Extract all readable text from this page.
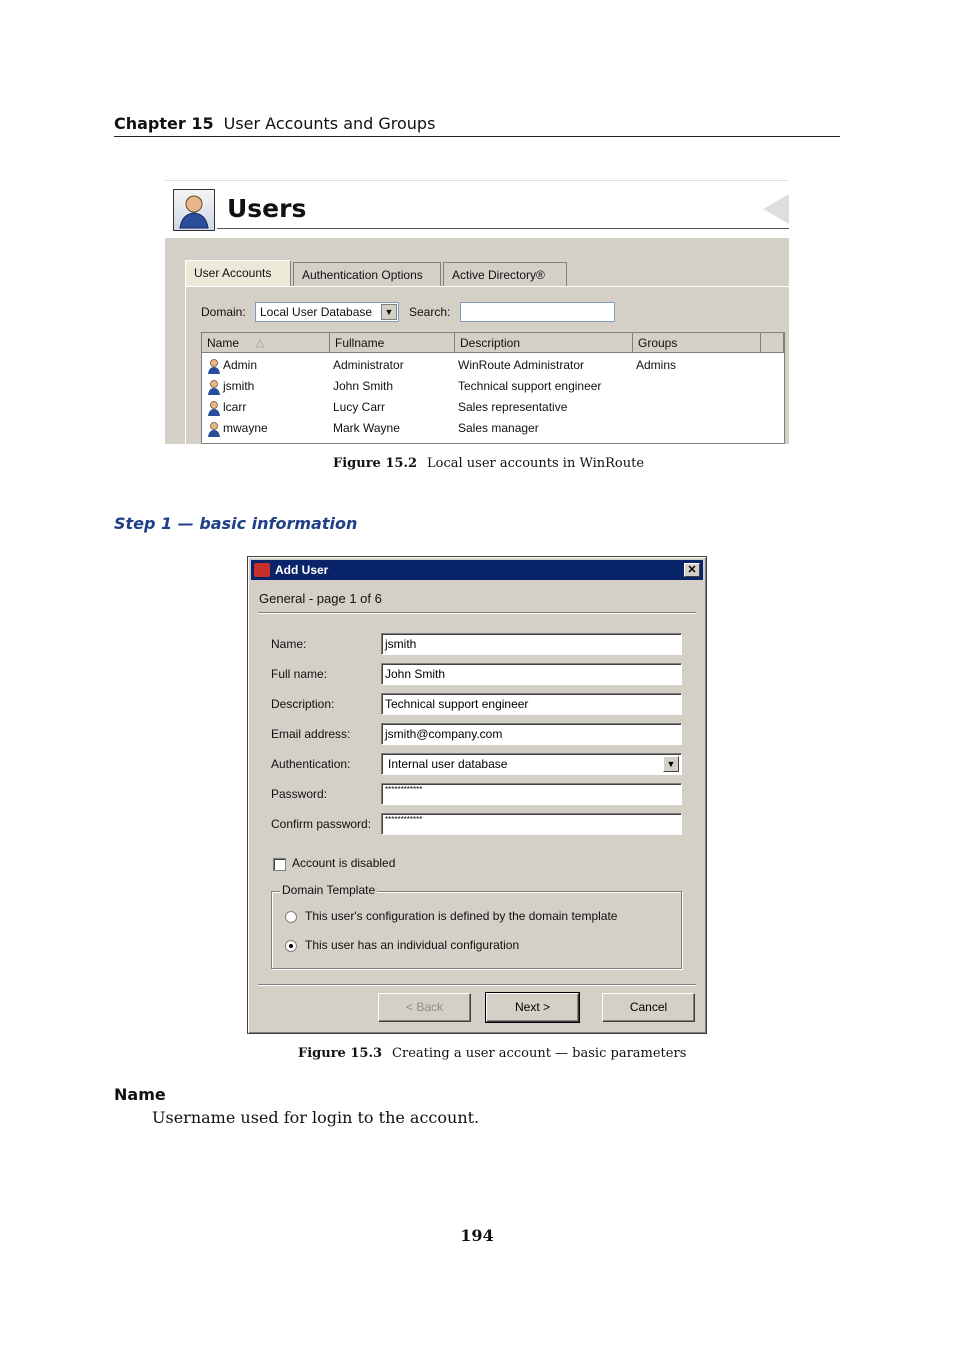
Chapter 15 User Accounts and Groups
Users
User Accounts	Authentication Options	Active Directory®
Domain:	Local User Database	▼ Search:
Name △	Fullname	Description	Groups
Admin	Administrator	WinRoute Administrator	Admins
jsmith	John Smith	Technical support engineer
lcarr	Lucy Carr	Sales representative
mwayne	Mark Wayne	Sales manager
Figure 15.2 Local user accounts in WinRoute
Step 1 — basic information
Add User	✕
General - page 1 of 6
Name:	jsmith
Full name:	John Smith
Description:	Technical support engineer
Email address:	jsmith@company.com
Authentication:	Internal user database	▼
Password:	************
Confirm password:	************
Account is disabled
Domain Template
This user's configuration is defined by the domain template
This user has an individual configuration
< Back	Next >	Cancel
Figure 15.3 Creating a user account — basic parameters
Name
Username used for login to the account.
194
